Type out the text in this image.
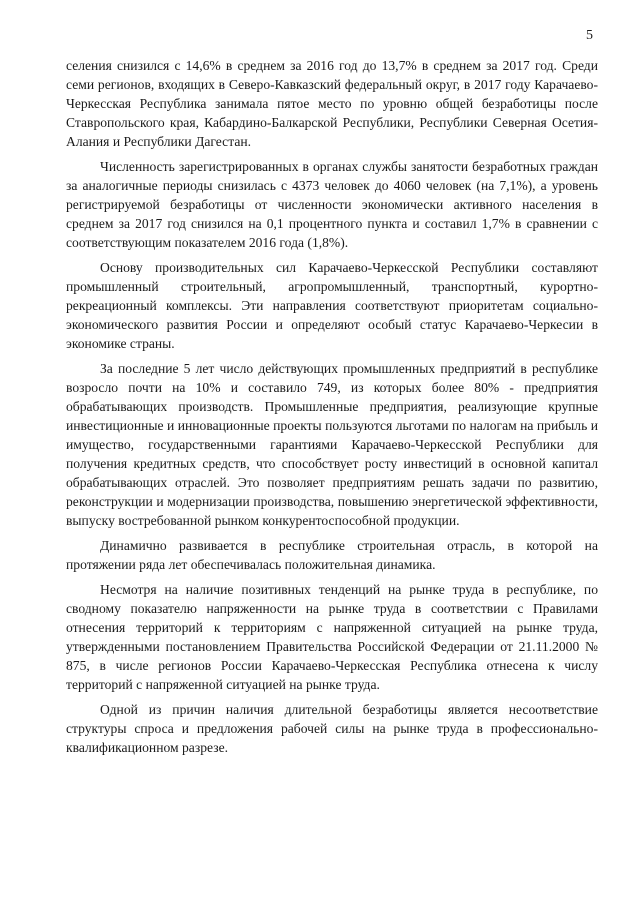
5

селения снизился с 14,6% в среднем за 2016 год до 13,7% в среднем за 2017 год. Среди семи регионов, входящих в Северо-Кавказский федеральный округ, в 2017 году Карачаево-Черкесская Республика занимала пятое место по уровню общей безработицы после Ставропольского края, Кабардино-Балкарской Республики, Республики Северная Осетия-Алания и Республики Дагестан.

Численность зарегистрированных в органах службы занятости безработных граждан за аналогичные периоды снизилась с 4373 человек до 4060 человек (на 7,1%), а уровень регистрируемой безработицы от численности экономически активного населения в среднем за 2017 год снизился на 0,1 процентного пункта и составил 1,7% в сравнении с соответствующим показателем 2016 года (1,8%).

Основу производительных сил Карачаево-Черкесской Республики составляют промышленный строительный, агропромышленный, транспортный, курортно-рекреационный комплексы. Эти направления соответствуют приоритетам социально-экономического развития России и определяют особый статус Карачаево-Черкесии в экономике страны.

За последние 5 лет число действующих промышленных предприятий в республике возросло почти на 10% и составило 749, из которых более 80% - предприятия обрабатывающих производств. Промышленные предприятия, реализующие крупные инвестиционные и инновационные проекты пользуются льготами по налогам на прибыль и имущество, государственными гарантиями Карачаево-Черкесской Республики для получения кредитных средств, что способствует росту инвестиций в основной капитал обрабатывающих отраслей. Это позволяет предприятиям решать задачи по развитию, реконструкции и модернизации производства, повышению энергетической эффективности, выпуску востребованной рынком конкурентоспособной продукции.

Динамично развивается в республике строительная отрасль, в которой на протяжении ряда лет обеспечивалась положительная динамика.

Несмотря на наличие позитивных тенденций на рынке труда в республике, по сводному показателю напряженности на рынке труда в соответствии с Правилами отнесения территорий к территориям с напряженной ситуацией на рынке труда, утвержденными постановлением Правительства Российской Федерации от 21.11.2000 № 875, в числе регионов России Карачаево-Черкесская Республика отнесена к числу территорий с напряженной ситуацией на рынке труда.

Одной из причин наличия длительной безработицы является несоответствие структуры спроса и предложения рабочей силы на рынке труда в профессионально-квалификационном разрезе.
